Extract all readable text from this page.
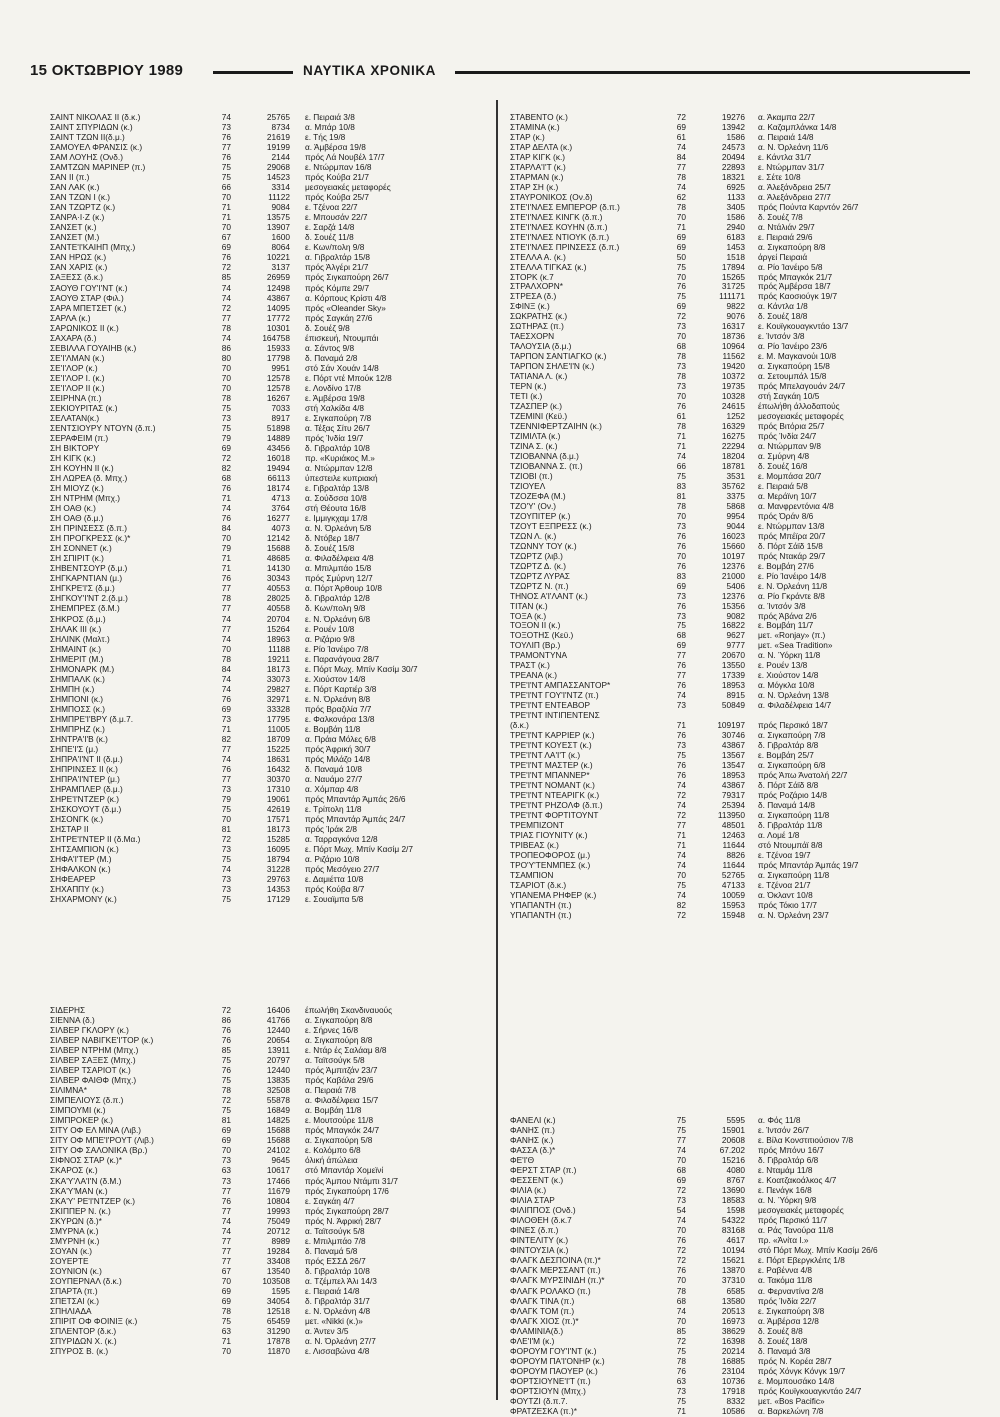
15 ΟΚΤΩΒΡΙΟΥ 1989	ΝΑΥΤΙΚΑ ΧΡΟΝΙΚΑ
ΣΑΙΝΤ ΝΙΚΟΛΑΣ ΙΙ (δ.κ.)	74	25765 ε. Πειραιά 3/8
ΣΑΙΝΤ ΣΠΥΡΙΔΩΝ (κ.)	73	8734 α. Μπάρ 10/8
ΣΑΙΝΤ ΤΖΩΝ ΙΙ(δ.μ.)	76	21619 ε. Τής 19/8
ΣΑΜΟΥΕΛ ΦΡΑΝΣΙΣ (κ.)	77	19199 α. Άμβέρσα 19/8
ΣΑΜ ΛΟΥΗΣ (Ονδ.)	76	2144 πρός Λά Νουβέλ 17/7
ΣΑΜΤΖΩΝ ΜΑΡΙΝΕΡ (π.)	75	29068 ε. Ντώρμπαν 16/8
ΣΑΝ ΙΙ (π.)	75	14523 πρός Κούβα 21/7
ΣΑΝ ΛΑΚ (κ.)	66	3314 μεσογειακές μεταφορές
ΣΑΝ ΤΖΩΝ Ι (κ.)	70	11122 πρός Κούβα 25/7
ΣΑΝ ΤΖΩΡΤΖ (κ.)	71	9084 ε. Τζένοα 22/7
ΣΑΝΡΑ·Ι·Ζ (κ.)	71	13575 ε. Μπουσάν 22/7
ΣΑΝΣΕΤ (κ.)	70	13907 ε. Σαρζά 14/8
ΣΑΝΣΕΤ (Μ.)	67	1600 δ. Σουέζ 11/8
ΣΑΝΤΕ'Ι'ΚΑΙΗΠ (Μπχ.)	69	8064 ε. Κων/πολη 9/8
ΣΑΝ ΗΡΩΣ (κ.)	76	10221 α. Γιβραλτάρ 15/8
ΣΑΝ ΧΑΡΙΣ (κ.)	72	3137 πρός Άλγέρι 21/7
ΣΑΞΕΣΣ (δ.κ.)	85	26959 πρός Σιγκαπούρη 26/7
ΣΑΟΥΘ ΓΟΥ'Ι'ΝΤ (κ.)	74	12498 πρός Κόμπε 29/7
ΣΑΟΥΘ ΣΤΑΡ (Φιλ.)	74	43867 α. Κόρπους Κρίστι 4/8
ΣΑΡΑ ΜΠΕΤΣΕΤ (κ.)	72	14095 πρός «Oleander Sky»
ΣΑΡΛΑ (κ.)	77	17772 πρός Σαγκάη 27/6
ΣΑΡΩΝΙΚΟΣ ΙΙ (κ.)	78	10301 δ. Σουέζ 9/8
ΣΑΧΑΡΑ (δ.)	74	164758 έπισκευή, Ντουμπάι
ΣΕΒΙΛΛΑ ΓΟΥΑΙΗΒ (κ.)	86	15933 α. Σάντος 9/8
ΣΕ'Ι'ΛΜΑΝ (κ.)	80	17798 δ. Παναμά 2/8
ΣΕ'Ι'ΛΟΡ (κ.)	70	9951 στό Σάν Χουάν 14/8
ΣΕ'Ι'ΛΟΡ Ι. (κ.)	70	12578 ε. Πόρτ ντέ Μπούκ 12/8
ΣΕ'Ι'ΛΟΡ ΙΙ (κ.)	70	12578 ε. Λονδίνο 17/8
ΣΕΙΡΗΝΑ (π.)	78	16267 ε. Άμβέρσα 19/8
ΣΕΚΙΟΥΡΙΤΑΣ (κ.)	75	7033 στή Χαλκίδα 4/8
ΣΕΛΑΤΑΝ(κ.)	73	8917 ε. Σιγκαπούρη 7/8
ΣΕΝΤΣΙΟΥΡΥ ΝΤΟΥΝ (δ.π.)	75	51898 α. Τέξας Σίτυ 26/7
ΣΕΡΑΦΕΙΜ (π.)	79	14889 πρός Ίνδία 19/7
ΣΗ ΒΙΚΤΟΡΥ	69	43456 δ. Γιβραλτάρ 10/8
ΣΗ ΚΙΓΚ (κ.)	72	16018 πρ. «Κυριάκος Μ.»
ΣΗ ΚΟΥΗΝ ΙΙ (κ.)	82	19494 α. Ντώρμπαν 12/8
ΣΗ ΛΩΡΕΑ (δ. Μπχ.)	68	66113 ύπεστειλε κυπριακή
ΣΗ ΜΙΟΥΖ (κ.)	76	18174 ε. Γιβραλτάρ 13/8
ΣΗ ΝΤΡΗΜ (Μπχ.)	71	4713 α. Σούδσσα 10/8
ΣΗ ΟΑΘ (κ.)	74	3764 στή Θέουτα 16/8
ΣΗ ΟΑΘ (δ.μ.)	76	16277 ε. Ιμμιγκχαμ 17/8
ΣΗ ΠΡΙΝΣΕΣΣ (δ.π.)	84	4073 α. Ν. Όρλεάνη 5/8
ΣΗ ΠΡΟΓΚΡΕΣΣ (κ.)*	70	12142 δ. Ντόβερ 18/7
ΣΗ ΣΟΝΝΕΤ (κ.)	79	15688 δ. Σουέζ 15/8
ΣΗ ΣΠΙΡΙΤ (κ.)	71	48685 α. Φιλαδέλφεια 4/8
ΣΗΒΕΝΤΣΟΥΡ (δ.μ.)	71	14130 α. Μπιλμπάο 15/8
ΣΗΓΚΑΡΝΤΙΑΝ (μ.)	76	30343 πρός Σμύρνη 12/7
ΣΗΓΚΡΕ'Ι'Σ (δ.μ.)	77	40553 α. Πόρτ Άρθουρ 10/8
ΣΗΓΚΟΥ'Ι'ΝΤ 2.(δ.μ.)	78	28025 δ. Γιβραλτάρ 12/8
ΣΗΕΜΠΡΕΣ (δ.Μ.)	77	40558 δ. Κων/πολη 9/8
ΣΗΚΡΟΣ (δ.μ.)	74	20704 ε. Ν. Όρλεάνη 6/8
ΣΗΛΑΚ ΙΙΙ (κ.)	77	15264 ε. Ρουέν 10/8
ΣΗΛΙΝΚ (Μαλτ.)	74	18963 α. Ριζάριο 9/8
ΣΗΜΑΙΝΤ (κ.)	70	11188 ε. Ρίο Ίανέιρο 7/8
ΣΗΜΕΡΙΤ (Μ.)	78	19211 ε. Παρανάγουα 28/7
ΣΗΜΟΝΑΡΚ (Μ.)	84	18173 ε. Πόρτ Μωχ. Μπίν Κασίμ 30/7
ΣΗΜΠΑΛΚ (κ.)	74	33073 ε. Χιούστον 14/8
ΣΗΜΠΗ (κ.)	74	29827 ε. Πόρτ Καρτιέρ 3/8
ΣΗΜΠΟΝΙ (κ.)	76	32971 ε. Ν. Όρλεάνη 8/8
ΣΗΜΠΟΣΣ (κ.)	69	33328 πρός Βραζιλία 7/7
ΣΗΜΠΡΕ'Ι'ΒΡΥ (δ.μ.7.	73	17795 ε. Φαλκονάρα 13/8
ΣΗΜΠΡΗΖ (κ.)	71	11005 ε. Βομβάη 11/8
ΣΗΝΤΡΑ'Ι'Β (κ.)	82	18709 α. Πράια Μόλες 6/8
ΣΗΠΕ'Ι'Σ (μ.)	77	15225 πρός Άφρική 30/7
ΣΗΠΡΑ'Ι'ΝΤ ΙΙ (δ.μ.)	74	18631 πρός Μιλάζο 14/8
ΣΗΠΡΙΝΣΕΣ ΙΙ (κ.)	76	16432 δ. Παναμά 10/8
ΣΗΠΡΑ'Ι'ΝΤΕΡ (μ.)	77	30370 α. Ναυάμο 27/7
ΣΗΡΑΜΠΛΕΡ (δ.μ.)	73	17310 α. Χόμπαρ 4/8
ΣΗΡΕ'Ι'ΝΤΖΕΡ (κ.)	79	19061 πρός Μπαντάρ Άμπάς 26/6
ΣΗΣΚΟΥΟΥΤ (δ.μ.)	75	42619 ε. Τρίπολη 11/8
ΣΗΣΟΝΓΚ (κ.)	70	17571 πρός Μπαντάρ Άμπάς 24/7
ΣΗΣΤΑΡ ΙΙ	81	18173 πρός Ίράκ 2/8
ΣΗΤΡΕ'Ι'ΝΤΕΡ ΙΙ (δ.Μα.)	72	15285 α. Ταρραγκόνα 12/8
ΣΗΤΣΑΜΠΙΟΝ (κ.)	73	16095 ε. Πόρτ Μωχ. Μπίν Κασίμ 2/7
ΣΗΦΑ'Ι'ΤΕΡ (Μ.)	75	18794 α. Ριζάριο 10/8
ΣΗΦΑΛΚΟΝ (κ.)	74	31228 πρός Μεσόγειο 27/7
ΣΗΦΕΑΡΕΡ	73	29763 ε. Δαμιέττα 10/8
ΣΗΧΑΠΠΥ (κ.)	73	14353 πρός Κούβα 8/7
ΣΗΧΑΡΜΟΝΥ (κ.)	75	17129 ε. Σουαϊμπα 5/8
ΣΙΔΕΡΗΣ	72	16406 έπωλήθη Σκανδιναυούς
ΣΙΕΝΝΑ (δ.)	86	41766 α. Σιγκαπούρη 8/8
ΣΙΛΒΕΡ ΓΚΛΟΡΥ (κ.)	76	12440 ε. Σήρνες 16/8
ΣΙΛΒΕΡ ΝΑΒΙΓΚΕ'Ι'ΤΟΡ (κ.)	76	20654 α. Σιγκαπούρη 8/8
ΣΙΛΒΕΡ ΝΤΡΗΜ (Μπχ.)	85	13911 ε. Ντάρ ές Σαλάαμ 8/8
ΣΙΛΒΕΡ ΣΑΞΕΣ (Μπχ.)	75	20797 α. Ταϊτσούγκ 5/8
ΣΙΛΒΕΡ ΤΣΑΡΙΟΤ (κ.)	76	12440 πρός Άμπιτζάν 23/7
ΣΙΛΒΕΡ ΦΑΙΘΦ (Μπχ.)	75	13835 πρός Καβάλα 29/6
ΣΙΛΙΜΝΑ*	78	32508 α. Πειραιά 7/8
ΣΙΜΠΕΛΙΟΥΣ (δ.π.)	72	55878 α. Φιλαδέλφεια 15/7
ΣΙΜΠΟΥΜΙ (κ.)	75	16849 α. Βομβάη 11/8
ΣΙΜΠΡΟΚΕΡ (κ.)	81	14825 ε. Μουτσούρε 11/8
ΣΙΤΥ ΟΦ ΕΛ ΜΙΝΑ (Λιβ.)	69	15688 πρός Μπαγκόκ 24/7
ΣΙΤΥ ΟΦ ΜΠΕ'Ι'ΡΟΥΤ (Λιβ.)	69	15688 α. Σιγκαπούρη 5/8
ΣΙΤΥ ΟΦ ΣΑΛΟΝΙΚΑ (Βρ.)	70	24102 ε. Κολόμπο 6/8
ΣΙΦΝΟΣ ΣΤΑΡ (κ.)*	73	9645 όλική άπώλεια
ΣΚΑΡΟΣ (κ.)	63	10617 στό Μπαντάρ Χομεϊνί
ΣΚΑ'Υ'ΛΑ'Ι'Ν (δ.Μ.)	73	17466 πρός Άμπου Ντάμπι 31/7
ΣΚΑ'Υ'ΜΑΝ (κ.)	77	11679 πρός Σιγκαπούρη 17/6
ΣΚΑ'Υ' ΡΕ'Ι'ΝΤΖΕΡ (κ.)	76	10804 ε. Σαγκάη 4/7
ΣΚΙΠΠΕΡ Ν. (κ.)	77	19993 πρός Σιγκαπούρη 28/7
ΣΚΥΡΩΝ (δ.)*	74	75049 πρός Ν. Άφρική 28/7
ΣΜΥΡΝΑ (κ.)	74	20712 α. Ταϊτσούγκ 5/8
ΣΜΥΡΝΗ (κ.)	77	8989 ε. Μπιλμπάο 7/8
ΣΟΥΑΝ (κ.)	77	19284 δ. Παναμά 5/8
ΣΟΥΕΡΤΕ	77	33408 πρός ΕΣΣΔ 26/7
ΣΟΥΝΙΟΝ (κ.)	67	13540 δ. Γιβραλτάρ 10/8
ΣΟΥΠΕΡΝΑΛ (δ.κ.)	70	103508 α. Τζέμπελ Άλι 14/3
ΣΠΑΡΤΑ (π.)	69	1595 ε. Πειραιά 14/8
ΣΠΕΤΣΑΙ (κ.)	69	34054 δ. Γιβραλτάρ 31/7
ΣΠΗΛΙΑΔΑ	78	12518 ε. Ν. Όρλεάνη 4/8
ΣΠΙΡΙΤ ΟΦ ΦΟΙΝΙΞ (κ.)	75	65459 μετ. «Nikki (κ.)»
ΣΠΛΕΝΤΟΡ (δ.κ.)	63	31290 α. Άντεν 3/5
ΣΠΥΡΙΔΩΝ Χ. (κ.)	71	17878 α. Ν. Όρλεάνη 27/7
ΣΠΥΡΟΣ Β. (κ.)	70	11870 ε. Λισσαβώνα 4/8
ΣΤΑΒΕΝΤΟ (κ.)	72	19276 α. Άκαμπα 22/7
ΣΤΑΜΙΝΑ (κ.)	69	13942 α. Καζαμπλάνκα 14/8
ΣΤΑΡ (κ.)	61	1586 α. Πειραιά 14/8
ΣΤΑΡ ΔΕΛΤΑ (κ.)	74	24573 α. Ν. Όρλεάνη 11/6
ΣΤΑΡ ΚΙΓΚ (κ.)	84	20494 ε. Κάντλα 31/7
ΣΤΑΡΛΑ'Ι'Τ (κ.)	77	22893 ε. Ντώρμπαν 31/7
ΣΤΑΡΜΑΝ (κ.)	78	18321 ε. Σέτε 10/8
ΣΤΑΡ ΣΗ (κ.)	74	6925 α. Άλεξάνδρεια 25/7
ΣΤΑΥΡΟΝΙΚΟΣ (Ον.δ)	62	1133 α. Άλεξάνδρεια 27/7
ΣΤΕ'Ι'ΝΛΕΣ ΕΜΠΕΡΟΡ (δ.π.)	78	3405 πρός Πούντα Καρντόν 26/7
ΣΤΕ'Ι'ΝΛΕΣ ΚΙΝΓΚ (δ.π.)	70	1586 δ. Σουέζ 7/8
ΣΤΕ'Ι'ΝΛΕΣ ΚΟΥΗΝ (δ.π.)	71	2940 α. Ντάλιάν 29/7
ΣΤΕ'Ι'ΝΛΕΣ ΝΤΙΟΥΚ (δ.π.)	69	6183 ε. Πειραιά 29/6
ΣΤΕ'Ι'ΝΛΕΣ ΠΡΙΝΣΕΣΣ (δ.π.)	69	1453 α. Σιγκαπούρη 8/8
ΣΤΕΛΛΑ Α. (κ.)	50	1518 άργεί Πειραιά
ΣΤΕΛΛΑ ΤΙΓΚΑΣ (κ.)	75	17894 α. Ρίο Ίανέιρο 5/8
ΣΤΟΡΚ (κ.7	70	15265 πρός Μπαγκόκ 21/7
ΣΤΡΑΛΧΟΡΝ*	76	31725 πρός Άμβέρσα 18/7
ΣΤΡΕΣΑ (δ.)	75	111171 πρός Καοσιούγκ 19/7
ΣΦΙΝΞ (κ.)	69	9822 α. Κάντλα 1/8
ΣΩΚΡΑΤΗΣ (κ.)	72	9076 δ. Σουέζ 18/8
ΣΩΤΗΡΑΣ (π.)	73	16317 ε. Κουϊγκουαγκντάο 13/7
ΤΑΕΣΧΟΡΝ	70	18736 ε. Ίντσόν 3/8
ΤΑΛΟΥΣΙΑ (δ.μ.)	68	10964 α. Ρίο Ίανέιρο 23/6
ΤΑΡΠΟΝ ΣΑΝΤΙΑΓΚΟ (κ.)	78	11562 ε. Μ. Μαγκανούι 10/8
ΤΑΡΠΟΝ ΣΗΛΕ'Ι'Ν (κ.)	73	19420 α. Σιγκαπούρη 15/8
ΤΑΤΙΑΝΑ Λ. (κ.)	78	10372 α. Σετουμπάλ 15/8
ΤΕΡΝ (κ.)	73	19735 πρός Μπελαγουάν 24/7
ΤΕΤΙ (κ.)	70	10328 στή Σαγκάη 10/5
ΤΖΑΣΠΕΡ (κ.)	76	24615 έπωλήθη άλλοδαπούς
ΤΖΕΜΙΝΙ (Κεϋ.)	61	1252 μεσογειακές μεταφορές
ΤΖΕΝΝΙΦΕΡΤΖΑΙΗΝ (κ.)	78	16329 πρός Βιτόρια 25/7
ΤΖΙΜΙΛΤΑ (κ.)	71	16275 πρός Ίνδία 24/7
ΤΖΙΝΑ Σ. (κ.)	71	22294 α. Ντώρμπαν 9/8
ΤΖΙΟΒΑΝΝΑ (δ.μ.)	74	18204 α. Σμύρνη 4/8
ΤΖΙΟΒΑΝΝΑ Σ. (π.)	66	18781 δ. Σουέζ 16/8
ΤΖΙΟΒΙ (π.)	75	3531 ε. Μομπάσα 20/7
ΤΖΙΟΥΕΛ	83	35762 ε. Πειραιά 5/8
ΤΖΟΖΕΦΑ (Μ.)	81	3375 α. Μεράϊνη 10/7
ΤΖΟ'Υ' (Ον.)	78	5868 α. Μανφρεντόνια 4/8
ΤΖΟΥΠΙΤΕΡ (κ.)	70	9954 πρός Όράν 8/6
ΤΖΟΥΤ ΕΞΠΡΕΣΣ (κ.)	73	9044 ε. Ντώρμπαν 13/8
ΤΖΩΝ Λ. (κ.)	76	16023 πρός Μπέϊρα 20/7
ΤΖΩΝΝΥ ΤΟΥ (κ.)	76	15660 δ. Πόρτ Σάϊδ 15/8
ΤΖΩΡΤΖ (λιβ.)	70	10197 πρός Ντακάρ 29/7
ΤΖΩΡΤΖ Δ. (κ.)	76	12376 ε. Βομβάη 27/6
ΤΖΩΡΤΖ ΛΥΡΑΣ	83	21000 ε. Ρίο Ίανέιρο 14/8
ΤΖΩΡΤΖ Ν. (π.)	69	5406 ε. Ν. Όρλεάνη 11/8
ΤΗΝΟΣ Α'Ι'ΛΑΝΤ (κ.)	73	12376 α. Ρίο Γκράντε 8/8
ΤΙΤΑΝ (κ.)	76	15356 α. Ίντσόν 3/8
ΤΟΞΑ (κ.)	73	9082 πρός Άβάνα 2/6
ΤΟΞΟΝ ΙΙ (κ.)	75	16822 ε. Βομβάη 11/7
ΤΟΞΟΤΗΣ (Κεϋ.)	68	9627 μετ. «Ronjay» (π.)
ΤΟΥΛΙΠ (Βρ.)	69	9777 μετ. «Sea Tradition»
ΤΡΑΜΟΝΤΥΝΑ	77	20670 α. Ν. Ύόρκη 11/8
ΤΡΑΣΤ (κ.)	76	13550 ε. Ρουέν 13/8
ΤΡΕΑΝΑ (κ.)	77	17339 ε. Χιούστον 14/8
ΤΡΕ'Ι'ΝΤ ΑΜΠΑΣΣΑΝΤΟΡ*	76	18953 α. Μόγκλα 10/8
ΤΡΕ'Ι'ΝΤ ΓΟΥ'Ι'ΝΤΖ (π.)	74	8915 α. Ν. Όρλεάνη 13/8
ΤΡΕ'Ι'ΝΤ ΕΝΤΕΑΒΟΡ	73	50849 α. Φιλαδέλφεια 14/7
ΤΡΕ'Ι'ΝΤ ΙΝΤΙΠΕΝΤΕΝΣ
(δ.κ.)	71	109197 πρός Περσικό 18/7
ΤΡΕ'Ι'ΝΤ ΚΑΡΡΙΕΡ (κ.)	76	30746 α. Σιγκαπούρη 7/8
ΤΡΕ'Ι'ΝΤ ΚΟΥΕΣΤ (κ.)	73	43867 δ. Γιβραλτάρ 8/8
ΤΡΕ'Ι'ΝΤ ΛΑ'Ι'Τ (κ.)	75	13567 ε. Βομβάη 25/7
ΤΡΕ'Ι'ΝΤ ΜΑΣΤΕΡ (κ.)	76	13547 α. Σιγκαπούρη 6/8
ΤΡΕ'Ι'ΝΤ ΜΠΑΝΝΕΡ*	76	18953 πρός Άπω Άνατολή 22/7
ΤΡΕ'Ι'ΝΤ ΝΟΜΑΝΤ (κ.)	74	43867 δ. Πόρτ Σάϊδ 8/8
ΤΡΕ'Ι'ΝΤ ΝΤΕΑΡΙΓΚ (κ.)	72	79317 πρός Ροζάριο 14/8
ΤΡΕ'Ι'ΝΤ ΡΗΖΟΛΦ (δ.π.)	74	25394 δ. Παναμά 14/8
ΤΡΕ'Ι'ΝΤ ΦΟΡΤΙΤΟΥΝΤ	72	113950 α. Σιγκαπούρη 11/8
ΤΡΕΜΠΙΖΟΝΤ	77	48501 δ. Γιβραλτάρ 11/8
ΤΡΙΑΣ ΓΙΟΥΝΙΤΥ (κ.)	71	12463 α. Λομέ 1/8
ΤΡΙΒΕΑΣ (κ.)	71	11644 στό Ντουμπάϊ 8/8
ΤΡΟΠΕΟΦΟΡΟΣ (μ.)	74	8826 ε. Τζένοα 19/7
ΤΡΟ'Υ'ΤΕΝΜΠΕΣ (κ.)	74	11644 πρός Μπαντάρ Άμπάς 19/7
ΤΣΑΜΠΙΟΝ	70	52765 α. Σιγκαπούρη 11/8
ΤΣΑΡΙΟΤ (δ.κ.)	75	47133 ε. Τζένοα 21/7
ΥΠΑΝΕΜΑ ΡΗΦΕΡ (κ.)	74	10059 α. Όκλαντ 10/8
ΥΠΑΠΑΝΤΗ (π.)	82	15953 πρός Τόκιο 17/7
ΥΠΑΠΑΝΤΗ (π.)	72	15948 α. Ν. Όρλεάνη 23/7
ΦΑΝΕΛΙ (κ.)	75	5595 α. Φός 11/8
ΦΑΝΗΣ (π.)	75	15901 ε. Ίντσόν 26/7
ΦΑΝΗΣ (κ.)	77	20608 ε. Βίλα Κονστιτιούσιον 7/8
ΦΑΣΣΑ (δ.)*	74	67.202 πρός Μπόνυ 16/7
ΦΕ'Ι'Θ	70	15216 δ. Γιβραλτάρ 6/8
ΦΕΡΣΤ ΣΤΑΡ (π.)	68	4080 ε. Νταμάμ 11/8
ΦΕΣΣΕΝΤ (κ.)	69	8767 ε. Κοατζακοάλκος 4/7
ΦΙΛΙΑ (κ.)	72	13690 ε. Πενάγκ 16/8
ΦΙΛΙΑ ΣΤΑΡ	73	18583 α. Ν. Ύόρκη 9/8
ΦΙΛΙΠΠΟΣ (Ονδ.)	54	1598 μεσογειακές μεταφορές
ΦΙΛΟΘΕΗ (δ.κ.7	74	54322 πρός Περσικό 11/7
ΦΙΝΕΣ (δ.π.)	70	83168 α. Ράς Τανούρα 11/8
ΦΙΝΤΕΛΙΤΥ (κ.)	76	4617 πρ. «Άνίτα Ι.»
ΦΙΝΤΟΥΣΙΑ (κ.)	72	10194 στό Πόρτ Μωχ. Μπίν Κασίμ 26/6
ΦΛΑΓΚ ΔΕΣΠΟΙΝΑ (π.)*	72	15621 ε. Πόρτ Εβεργκλέιτς 1/8
ΦΛΑΓΚ ΜΕΡΣΣΑΝΤ (π.)	76	13870 ε. Ραβέννα 4/8
ΦΛΑΓΚ ΜΥΡΣΙΝΙΔΗ (π.)*	70	37310 α. Τακόμα 11/8
ΦΛΑΓΚ ΡΟΛΑΚΟ (π.)	78	6585 α. Φερναντίνα 2/8
ΦΛΑΓΚ ΤΙΝΑ (π.)	68	13580 πρός Ίνδία 22/7
ΦΛΑΓΚ ΤΟΜ (π.)	74	20513 ε. Σιγκαπούρη 3/8
ΦΛΑΓΚ ΧΙΟΣ (π.)*	70	16973 α. Άμβέρσα 12/8
ΦΛΑΜΙΝΙΑ(δ.)	85	38629 δ. Σουέζ 8/8
ΦΛΕ'Ι'Μ (κ.)	72	16398 δ. Σουέζ 18/8
ΦΟΡΟΥΜ ΓΟΥ'Ι'ΝΤ (κ.)	75	20214 δ. Παναμά 3/8
ΦΟΡΟΥΜ ΠΑ'Ι'ΟΝΗΡ (κ.)	78	16885 πρός Ν. Κορέα 28/7
ΦΟΡΟΥΜ ΠΑΟΥΕΡ (κ.)	76	23104 πρός Χόνγκ Κόνγκ 19/7
ΦΟΡΤΣΙΟΥΝΕ'Ι'Τ (π.)	63	10736 ε. Μομπουσάκο 14/8
ΦΟΡΤΣΙΟΥΝ (Μπχ.)	73	17918 πρός Κουϊγκουαγκντάο 24/7
ΦΟΥΤΖΙ (δ.π.7.	75	8332 μετ. «Bos Pacific»
ΦΡΑΤΖΕΣΚΑ (π.)*	71	10586 α. Βαρκελώνη 7/8
